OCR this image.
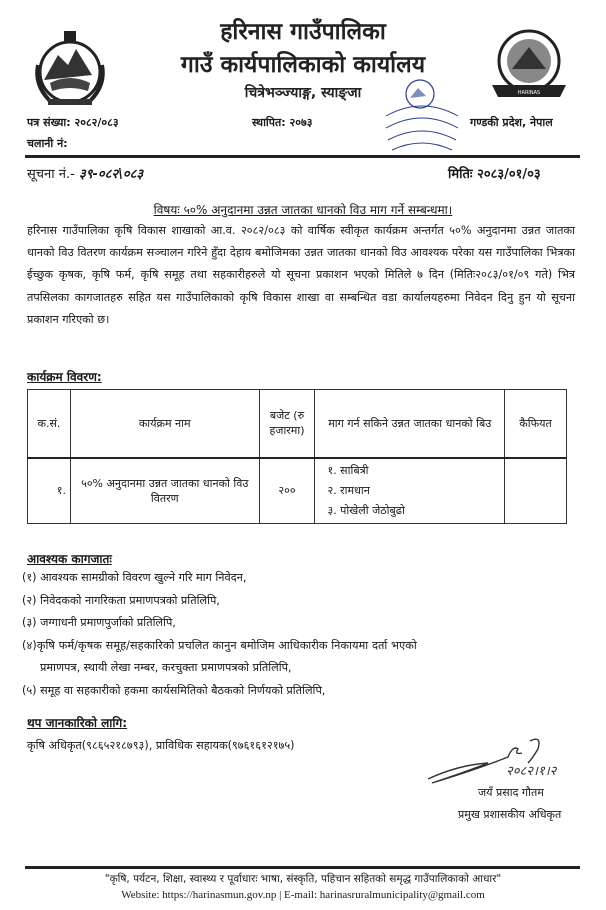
HARINAS
हरिनास गाउँपालिका
गाउँ कार्यपालिकाको कार्यालय
चित्रेभञ्ज्याङ्ग, स्याङ्जा
पत्र संख्या: २०८२/०८३	स्थापित: २०७३	गण्डकी प्रदेश, नेपाल
चलानी नं:
सूचना नं.- ३९-०८२\०८३	मितिः २०८३/०१/०३
विषयः ५०% अनुदानमा उन्नत जातका धानको विउ माग गर्ने सम्बन्धमा।
हरिनास गाउँपालिका कृषि विकास शाखाको आ.व. २०८२/०८३ को वार्षिक स्वीकृत कार्यक्रम अन्तर्गत ५०% अनुदानमा उन्नत जातका धानको विउ वितरण कार्यक्रम सञ्चालन गरिने हुँदा देहाय बमोजिमका उन्नत जातका धानको विउ आवश्यक परेका यस गाउँपालिका भित्रका ईच्छुक कृषक, कृषि फर्म, कृषि समूह तथा सहकारीहरुले यो सूचना प्रकाशन भएको मितिले ७ दिन (मितिः२०८३/०१/०९ गते) भित्र तपसिलका कागजातहरु सहित यस गाउँपालिकाको कृषि विकास शाखा वा सम्बन्धित वडा कार्यालयहरुमा निवेदन दिनु हुन यो सूचना प्रकाशन गरिएको छ।
कार्यक्रम विवरण:
क.सं.	कार्यक्रम नाम	बजेट (रु हजारमा)	माग गर्न सकिने उन्नत जातका धानको बिउ	कैफियत
१.	५०% अनुदानमा उन्नत जातका धानको विउ वितरण	२००	१. साबित्री
२. रामधान
३. पोखेली जेठोबुढो	

आवश्यक कागजातः
(१) आवश्यक सामग्रीको विवरण खुल्ने गरि माग निवेदन,
(२) निवेदकको नागरिकता प्रमाणपत्रको प्रतिलिपि,
(३) जग्गाधनी प्रमाणपुर्जाको प्रतिलिपि,
(४)कृषि फर्म/कृषक समूह/सहकारिको प्रचलित कानुन बमोजिम आधिकारीक निकायमा दर्ता भएको
प्रमाणपत्र, स्थायी लेखा नम्बर, करचुक्ता प्रमाणपत्रको प्रतिलिपि,
(५) समूह वा सहकारीको हकमा कार्यसमितिको बैठकको निर्णयको प्रतिलिपि,
थप जानकारिको लागि:
कृषि अधिकृत(९८६५२१८७९३), प्राविधिक सहायक(९७६१६१२१७५)
२०८२।१।२
जयँ प्रसाद गौतम
प्रमुख प्रशासकीय अधिकृत
"कृषि, पर्यटन, शिक्षा, स्वास्थ्य र पूर्वाधारः भाषा, संस्कृति, पहिचान सहितको समृद्ध गाउँपालिकाको आधार"
Website: https://harinasmun.gov.np | E-mail: harinasruralmunicipality@gmail.com
